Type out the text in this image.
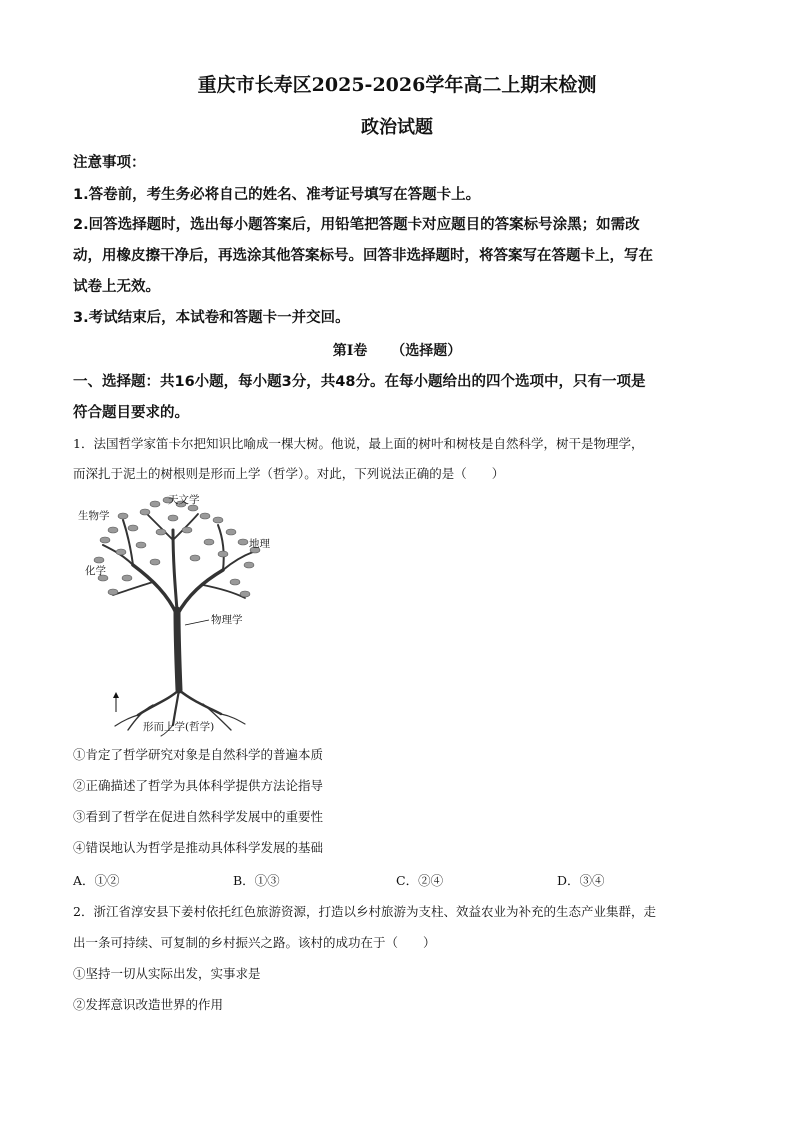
重庆市长寿区2025-2026学年高二上期末检测
政治试题
注意事项：
1.答卷前，考生务必将自己的姓名、准考证号填写在答题卡上。
2.回答选择题时，选出每小题答案后，用铅笔把答题卡对应题目的答案标号涂黑；如需改
动，用橡皮擦干净后，再选涂其他答案标号。回答非选择题时，将答案写在答题卡上，写在
试卷上无效。
3.考试结束后，本试卷和答题卡一并交回。
第Ⅰ卷 （选择题）
一、选择题：共16小题，每小题3分，共48分。在每小题给出的四个选项中，只有一项是
符合题目要求的。
1．法国哲学家笛卡尔把知识比喻成一棵大树。他说，最上面的树叶和树枝是自然科学，树干是物理学，
而深扎于泥土的树根则是形而上学（哲学）。对此，下列说法正确的是（　　）
天文学
生物学
地理
化学
物理学
形而上学(哲学)
①肯定了哲学研究对象是自然科学的普遍本质
②正确描述了哲学为具体科学提供方法论指导
③看到了哲学在促进自然科学发展中的重要性
④错误地认为哲学是推动具体科学发展的基础
A．①②	B．①③	C．②④	D．③④
2．浙江省淳安县下姜村依托红色旅游资源，打造以乡村旅游为支柱、效益农业为补充的生态产业集群，走
出一条可持续、可复制的乡村振兴之路。该村的成功在于（　　）
①坚持一切从实际出发，实事求是
②发挥意识改造世界的作用
